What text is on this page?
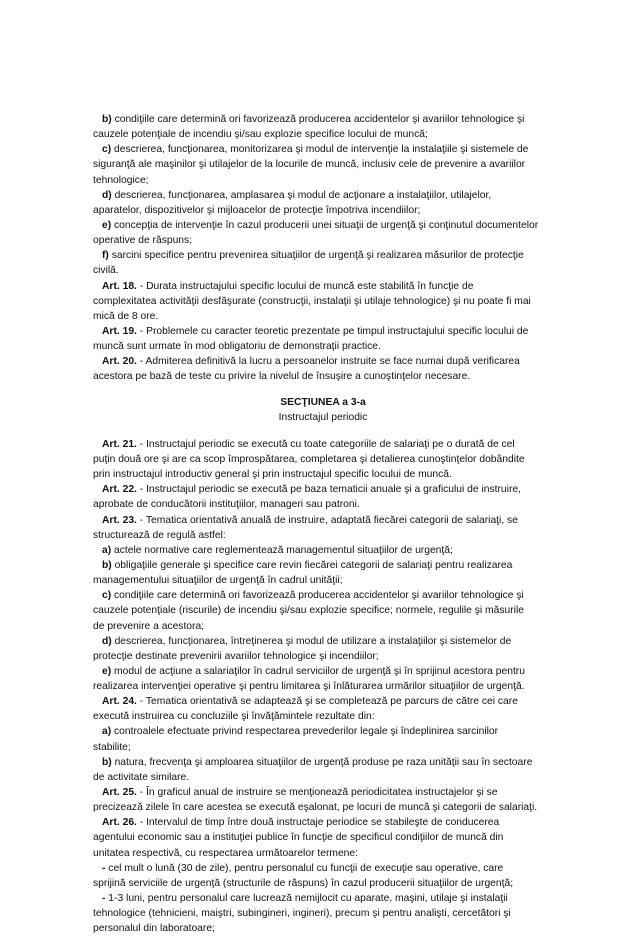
b) condiţiile care determină ori favorizează producerea accidentelor şi avariilor tehnologice şi
cauzele potenţiale de incendiu şi/sau explozie specifice locului de muncă;
c) descrierea, funcţionarea, monitorizarea şi modul de intervenţie la instalaţiile şi sistemele de
siguranţă ale maşinilor şi utilajelor de la locurile de muncă, inclusiv cele de prevenire a avariilor
tehnologice;
d) descrierea, funcţionarea, amplasarea şi modul de acţionare a instalaţiilor, utilajelor,
aparatelor, dispozitivelor şi mijloacelor de protecţie împotriva incendiilor;
e) concepţia de intervenţie în cazul producerii unei situaţii de urgenţă şi conţinutul documentelor
operative de răspuns;
f) sarcini specifice pentru prevenirea situaţiilor de urgenţă şi realizarea măsurilor de protecţie
civilă.
Art. 18. - Durata instructajului specific locului de muncă este stabilită în funcţie de
complexitatea activităţii desfăşurate (construcţii, instalaţii şi utilaje tehnologice) şi nu poate fi mai
mică de 8 ore.
Art. 19. - Problemele cu caracter teoretic prezentate pe timpul instructajului specific locului de
muncă sunt urmate în mod obligatoriu de demonstraţii practice.
Art. 20. - Admiterea definitivă la lucru a persoanelor instruite se face numai după verificarea
acestora pe bază de teste cu privire la nivelul de însuşire a cunoştinţelor necesare.
SECŢIUNEA a 3-a
Instructajul periodic
Art. 21. - Instructajul periodic se execută cu toate categoriile de salariaţi pe o durată de cel
puţin două ore şi are ca scop împrospătarea, completarea şi detalierea cunoştinţelor dobândite
prin instructajul introductiv general şi prin instructajul specific locului de muncă.
Art. 22. - Instructajul periodic se execută pe baza tematicii anuale şi a graficului de instruire,
aprobate de conducătorii instituţiilor, manageri sau patroni.
Art. 23. - Tematica orientativă anuală de instruire, adaptată fiecărei categorii de salariaţi, se
structurează de regulă astfel:
a) actele normative care reglementează managementul situaţiilor de urgenţă;
b) obligaţiile generale şi specifice care revin fiecărei categorii de salariaţi pentru realizarea
managementului situaţiilor de urgenţă în cadrul unităţii;
c) condiţiile care determină ori favorizează producerea accidentelor şi avariilor tehnologice şi
cauzele potenţiale (riscurile) de incendiu şi/sau explozie specifice; normele, regulile şi măsurile
de prevenire a acestora;
d) descrierea, funcţionarea, întreţinerea şi modul de utilizare a instalaţiilor şi sistemelor de
protecţie destinate prevenirii avariilor tehnologice şi incendiilor;
e) modul de acţiune a salariaţilor în cadrul serviciilor de urgenţă şi în sprijinul acestora pentru
realizarea intervenţiei operative şi pentru limitarea şi înlăturarea urmărilor situaţiilor de urgenţă.
Art. 24. - Tematica orientativă se adaptează şi se completează pe parcurs de către cei care
execută instruirea cu concluziile şi învăţămintele rezultate din:
a) controalele efectuate privind respectarea prevederilor legale şi îndeplinirea sarcinilor
stabilite;
b) natura, frecvenţa şi amploarea situaţiilor de urgenţă produse pe raza unităţii sau în sectoare
de activitate similare.
Art. 25. - În graficul anual de instruire se menţionează periodicitatea instructajelor şi se
precizează zilele în care acestea se execută eşalonat, pe locuri de muncă şi categorii de salariaţi.
Art. 26. - Intervalul de timp între două instructaje periodice se stabileşte de conducerea
agentului economic sau a instituţiei publice în funcţie de specificul condiţiilor de muncă din
unitatea respectivă, cu respectarea următoarelor termene:
- cel mult o lună (30 de zile), pentru personalul cu funcţii de execuţie sau operative, care
sprijină serviciile de urgenţă (structurile de răspuns) în cazul producerii situaţiilor de urgenţă;
- 1-3 luni, pentru personalul care lucrează nemijlocit cu aparate, maşini, utilaje şi instalaţii
tehnologice (tehnicieni, maiştri, subingineri, ingineri), precum şi pentru analişti, cercetători şi
personalul din laboratoare;
